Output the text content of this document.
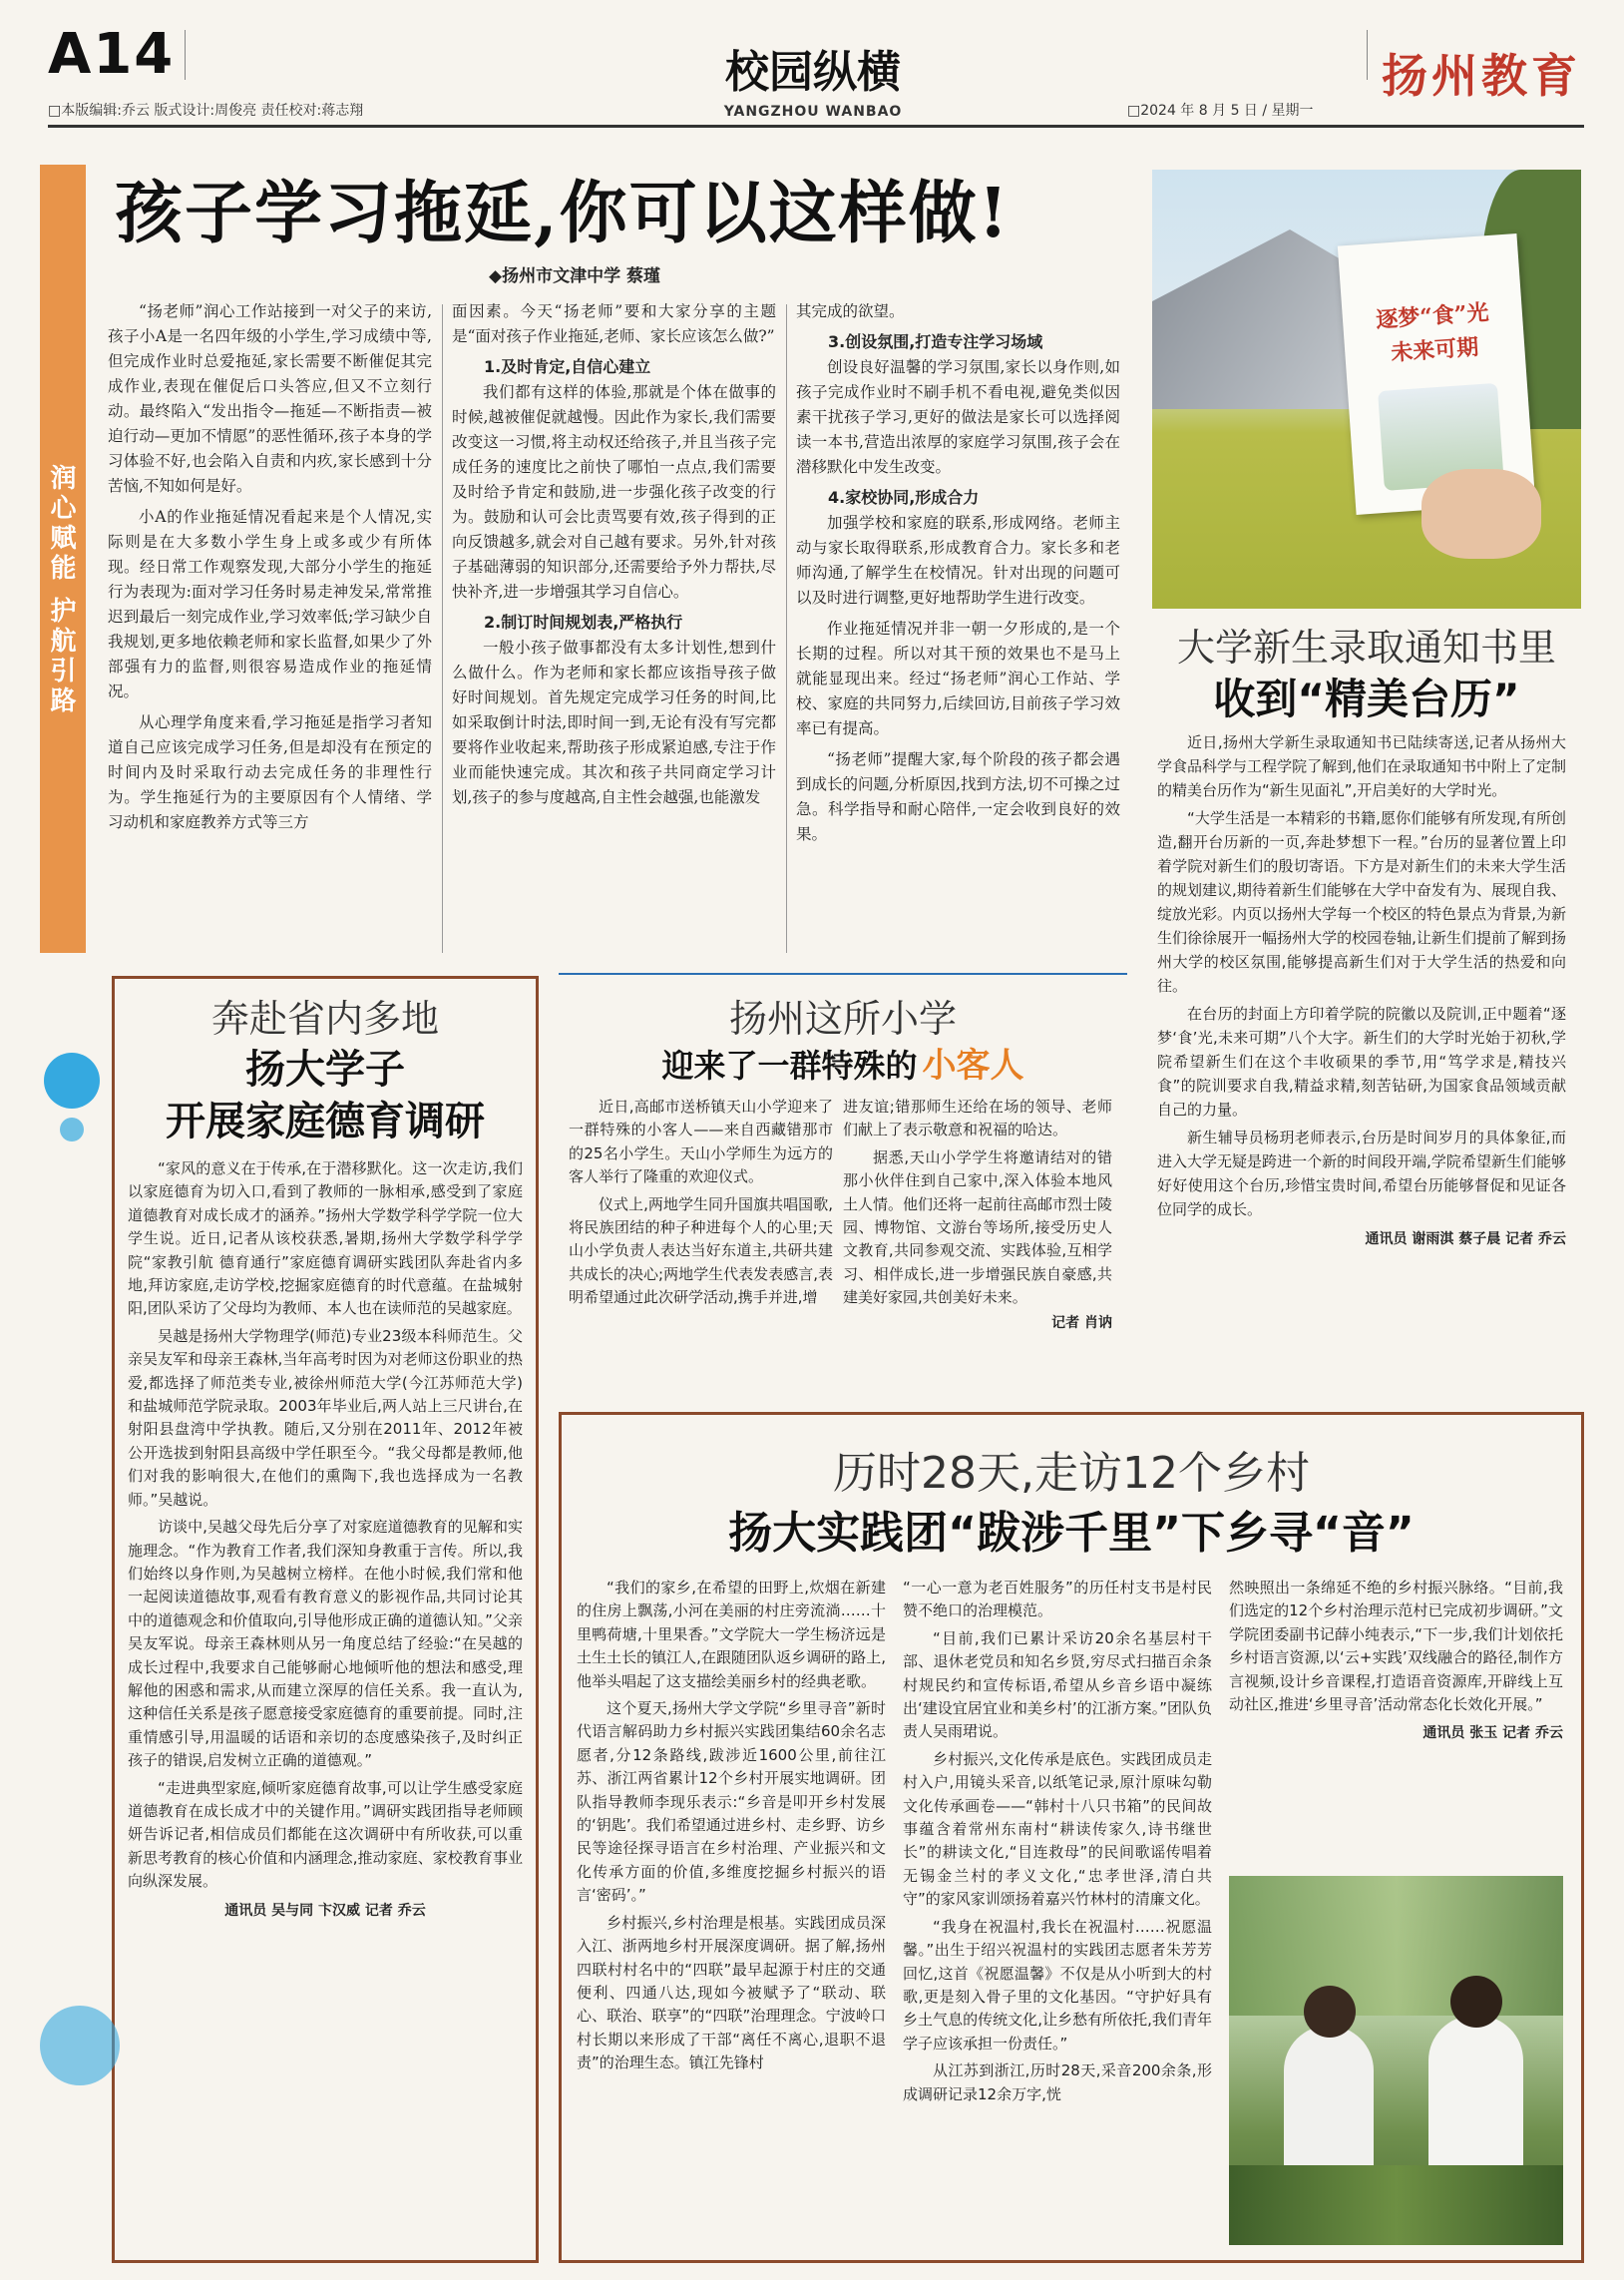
A14
□本版编辑:乔云 版式设计:周俊亮 责任校对:蒋志翔
校园纵横
YANGZHOU WANBAO	□2024 年 8 月 5 日 / 星期一
扬州教育
润心赋能 护航引路
孩子学习拖延,你可以这样做!
◆扬州市文津中学 蔡瑾
“扬老师”润心工作站接到一对父子的来访,孩子小A是一名四年级的小学生,学习成绩中等,但完成作业时总爱拖延,家长需要不断催促其完成作业,表现在催促后口头答应,但又不立刻行动。最终陷入“发出指令—拖延—不断指责—被迫行动—更加不情愿”的恶性循环,孩子本身的学习体验不好,也会陷入自责和内疚,家长感到十分苦恼,不知如何是好。
小A的作业拖延情况看起来是个人情况,实际则是在大多数小学生身上或多或少有所体现。经日常工作观察发现,大部分小学生的拖延行为表现为:面对学习任务时易走神发呆,常常推迟到最后一刻完成作业,学习效率低;学习缺少自我规划,更多地依赖老师和家长监督,如果少了外部强有力的监督,则很容易造成作业的拖延情况。
从心理学角度来看,学习拖延是指学习者知道自己应该完成学习任务,但是却没有在预定的时间内及时采取行动去完成任务的非理性行为。学生拖延行为的主要原因有个人情绪、学习动机和家庭教养方式等三方
面因素。今天“扬老师”要和大家分享的主题是“面对孩子作业拖延,老师、家长应该怎么做?”
1.及时肯定,自信心建立
我们都有这样的体验,那就是个体在做事的时候,越被催促就越慢。因此作为家长,我们需要改变这一习惯,将主动权还给孩子,并且当孩子完成任务的速度比之前快了哪怕一点点,我们需要及时给予肯定和鼓励,进一步强化孩子改变的行为。鼓励和认可会比责骂要有效,孩子得到的正向反馈越多,就会对自己越有要求。另外,针对孩子基础薄弱的知识部分,还需要给予外力帮扶,尽快补齐,进一步增强其学习自信心。
2.制订时间规划表,严格执行
一般小孩子做事都没有太多计划性,想到什么做什么。作为老师和家长都应该指导孩子做好时间规划。首先规定完成学习任务的时间,比如采取倒计时法,即时间一到,无论有没有写完都要将作业收起来,帮助孩子形成紧迫感,专注于作业而能快速完成。其次和孩子共同商定学习计划,孩子的参与度越高,自主性会越强,也能激发
其完成的欲望。
3.创设氛围,打造专注学习场域
创设良好温馨的学习氛围,家长以身作则,如孩子完成作业时不刷手机不看电视,避免类似因素干扰孩子学习,更好的做法是家长可以选择阅读一本书,营造出浓厚的家庭学习氛围,孩子会在潜移默化中发生改变。
4.家校协同,形成合力
加强学校和家庭的联系,形成网络。老师主动与家长取得联系,形成教育合力。家长多和老师沟通,了解学生在校情况。针对出现的问题可以及时进行调整,更好地帮助学生进行改变。
作业拖延情况并非一朝一夕形成的,是一个长期的过程。所以对其干预的效果也不是马上就能显现出来。经过“扬老师”润心工作站、学校、家庭的共同努力,后续回访,目前孩子学习效率已有提高。
“扬老师”提醒大家,每个阶段的孩子都会遇到成长的问题,分析原因,找到方法,切不可操之过急。科学指导和耐心陪伴,一定会收到良好的效果。
逐梦“食”光 未来可期
大学新生录取通知书里
收到“精美台历”

近日,扬州大学新生录取通知书已陆续寄送,记者从扬州大学食品科学与工程学院了解到,他们在录取通知书中附上了定制的精美台历作为“新生见面礼”,开启美好的大学时光。

“大学生活是一本精彩的书籍,愿你们能够有所发现,有所创造,翻开台历新的一页,奔赴梦想下一程。”台历的显著位置上印着学院对新生们的殷切寄语。下方是对新生们的未来大学生活的规划建议,期待着新生们能够在大学中奋发有为、展现自我、绽放光彩。内页以扬州大学每一个校区的特色景点为背景,为新生们徐徐展开一幅扬州大学的校园卷轴,让新生们提前了解到扬州大学的校区氛围,能够提高新生们对于大学生活的热爱和向往。

在台历的封面上方印着学院的院徽以及院训,正中题着“逐梦‘食’光,未来可期”八个大字。新生们的大学时光始于初秋,学院希望新生们在这个丰收硕果的季节,用“笃学求是,精技兴食”的院训要求自我,精益求精,刻苦钻研,为国家食品领域贡献自己的力量。

新生辅导员杨玥老师表示,台历是时间岁月的具体象征,而进入大学无疑是跨进一个新的时间段开端,学院希望新生们能够好好使用这个台历,珍惜宝贵时间,希望台历能够督促和见证各位同学的成长。

通讯员 谢雨淇 蔡子晨 记者 乔云
奔赴省内多地
扬大学子
开展家庭德育调研

“家风的意义在于传承,在于潜移默化。这一次走访,我们以家庭德育为切入口,看到了教师的一脉相承,感受到了家庭道德教育对成长成才的涵养。”扬州大学数学科学学院一位大学生说。近日,记者从该校获悉,暑期,扬州大学数学科学学院“家教引航 德育通行”家庭德育调研实践团队奔赴省内多地,拜访家庭,走访学校,挖掘家庭德育的时代意蕴。在盐城射阳,团队采访了父母均为教师、本人也在读师范的吴越家庭。

吴越是扬州大学物理学(师范)专业23级本科师范生。父亲吴友军和母亲王森林,当年高考时因为对老师这份职业的热爱,都选择了师范类专业,被徐州师范大学(今江苏师范大学)和盐城师范学院录取。2003年毕业后,两人站上三尺讲台,在射阳县盘湾中学执教。随后,又分别在2011年、2012年被公开选拔到射阳县高级中学任职至今。“我父母都是教师,他们对我的影响很大,在他们的熏陶下,我也选择成为一名教师。”吴越说。

访谈中,吴越父母先后分享了对家庭道德教育的见解和实施理念。“作为教育工作者,我们深知身教重于言传。所以,我们始终以身作则,为吴越树立榜样。在他小时候,我们常和他一起阅读道德故事,观看有教育意义的影视作品,共同讨论其中的道德观念和价值取向,引导他形成正确的道德认知。”父亲吴友军说。母亲王森林则从另一角度总结了经验:“在吴越的成长过程中,我要求自己能够耐心地倾听他的想法和感受,理解他的困惑和需求,从而建立深厚的信任关系。我一直认为,这种信任关系是孩子愿意接受家庭德育的重要前提。同时,注重情感引导,用温暖的话语和亲切的态度感染孩子,及时纠正孩子的错误,启发树立正确的道德观。”

“走进典型家庭,倾听家庭德育故事,可以让学生感受家庭道德教育在成长成才中的关键作用。”调研实践团指导老师顾妍告诉记者,相信成员们都能在这次调研中有所收获,可以重新思考教育的核心价值和内涵理念,推动家庭、家校教育事业向纵深发展。

通讯员 吴与同 卞汉威 记者 乔云
扬州这所小学
迎来了一群特殊的 小客人

近日,高邮市送桥镇天山小学迎来了一群特殊的小客人——来自西藏错那市的25名小学生。天山小学师生为远方的客人举行了隆重的欢迎仪式。

仪式上,两地学生同升国旗共唱国歌,将民族团结的种子种进每个人的心里;天山小学负责人表达当好东道主,共研共建共成长的决心;两地学生代表发表感言,表明希望通过此次研学活动,携手并进,增

进友谊;错那师生还给在场的领导、老师们献上了表示敬意和祝福的哈达。

据悉,天山小学学生将邀请结对的错那小伙伴住到自己家中,深入体验本地风土人情。他们还将一起前往高邮市烈士陵园、博物馆、文游台等场所,接受历史人文教育,共同参观交流、实践体验,互相学习、相伴成长,进一步增强民族自豪感,共建美好家园,共创美好未来。

记者 肖讷
历时28天,走访12个乡村
扬大实践团“跋涉千里”下乡寻“音”

“我们的家乡,在希望的田野上,炊烟在新建的住房上飘荡,小河在美丽的村庄旁流淌……十里鸭荷塘,十里果香。”文学院大一学生杨济远是土生土长的镇江人,在跟随团队返乡调研的路上,他举头唱起了这支描绘美丽乡村的经典老歌。

这个夏天,扬州大学文学院“乡里寻音”新时代语言解码助力乡村振兴实践团集结60余名志愿者,分12条路线,跋涉近1600公里,前往江苏、浙江两省累计12个乡村开展实地调研。团队指导教师李现乐表示:“乡音是叩开乡村发展的‘钥匙’。我们希望通过进乡村、走乡野、访乡民等途径探寻语言在乡村治理、产业振兴和文化传承方面的价值,多维度挖掘乡村振兴的语言‘密码’。”

乡村振兴,乡村治理是根基。实践团成员深入江、浙两地乡村开展深度调研。据了解,扬州四联村村名中的“四联”最早起源于村庄的交通便利、四通八达,现如今被赋予了“联动、联心、联治、联享”的“四联”治理理念。宁波岭口村长期以来形成了干部“离任不离心,退职不退责”的治理生态。镇江先锋村

“一心一意为老百姓服务”的历任村支书是村民赞不绝口的治理模范。

“目前,我们已累计采访20余名基层村干部、退休老党员和知名乡贤,穷尽式扫描百余条村规民约和宣传标语,希望从乡音乡语中凝练出‘建设宜居宜业和美乡村’的江浙方案。”团队负责人吴雨珺说。

乡村振兴,文化传承是底色。实践团成员走村入户,用镜头采音,以纸笔记录,原汁原味勾勒文化传承画卷——“韩村十八只书箱”的民间故事蕴含着常州东南村“耕读传家久,诗书继世长”的耕读文化,“目连救母”的民间歌谣传唱着无锡金兰村的孝义文化,“忠孝世泽,清白共守”的家风家训颂扬着嘉兴竹林村的清廉文化。

“我身在祝温村,我长在祝温村……祝愿温馨。”出生于绍兴祝温村的实践团志愿者朱芳芳回忆,这首《祝愿温馨》不仅是从小听到大的村歌,更是刻入骨子里的文化基因。“守护好具有乡土气息的传统文化,让乡愁有所依托,我们青年学子应该承担一份责任。”

从江苏到浙江,历时28天,采音200余条,形成调研记录12余万字,恍

然映照出一条绵延不绝的乡村振兴脉络。“目前,我们选定的12个乡村治理示范村已完成初步调研。”文学院团委副书记薛小纯表示,“下一步,我们计划依托乡村语言资源,以‘云+实践’双线融合的路径,制作方言视频,设计乡音课程,打造语音资源库,开辟线上互动社区,推进‘乡里寻音’活动常态化长效化开展。”

通讯员 张玉 记者 乔云
